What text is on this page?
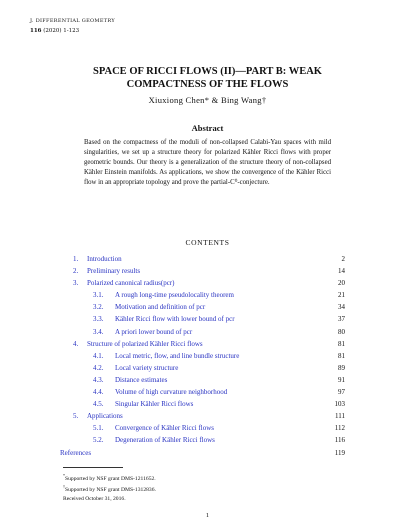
J. DIFFERENTIAL GEOMETRY
116 (2020) 1-123
SPACE OF RICCI FLOWS (II)—PART B: WEAK
COMPACTNESS OF THE FLOWS
Xiuxiong Chen* & Bing Wang†
Abstract
Based on the compactness of the moduli of non-collapsed Calabi-Yau spaces with mild singularities, we set up a structure theory for polarized Kähler Ricci flows with proper geometric bounds. Our theory is a generalization of the structure theory of non-collapsed Kähler Einstein manifolds. As applications, we show the convergence of the Kähler Ricci flow in an appropriate topology and prove the partial-C⁰-conjecture.
CONTENTS
1. Introduction	2
2. Preliminary results	14
3. Polarized canonical radius(pcr)	20
3.1. A rough long-time pseudolocality theorem	21
3.2. Motivation and definition of pcr	34
3.3. Kähler Ricci flow with lower bound of pcr	37
3.4. A priori lower bound of pcr	80
4. Structure of polarized Kähler Ricci flows	81
4.1. Local metric, flow, and line bundle structure	81
4.2. Local variety structure	89
4.3. Distance estimates	91
4.4. Volume of high curvature neighborhood	97
4.5. Singular Kähler Ricci flows	103
5. Applications	111
5.1. Convergence of Kähler Ricci flows	112
5.2. Degeneration of Kähler Ricci flows	116
References	119
*Supported by NSF grant DMS-1211652.
†Supported by NSF grant DMS-1312836.
Received October 31, 2016.
1
